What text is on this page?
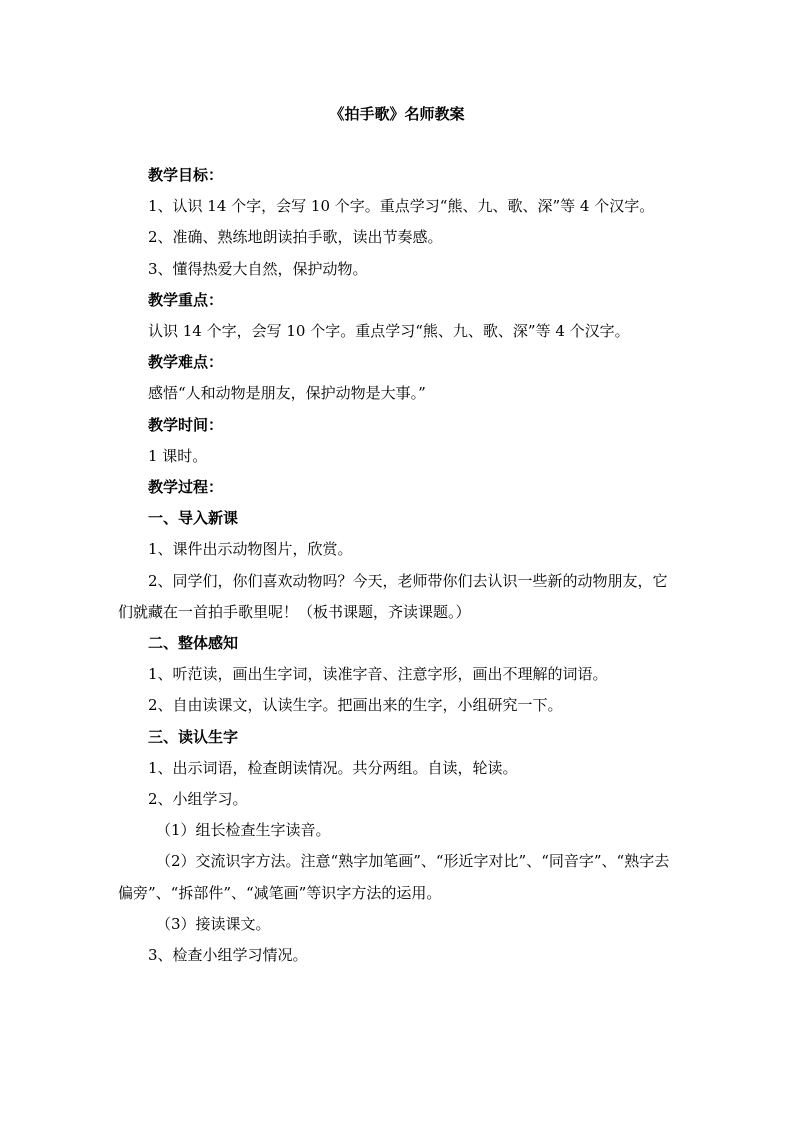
《拍手歌》名师教案

教学目标：

1、认识 14 个字，会写 10 个字。重点学习“熊、九、歌、深”等 4 个汉字。

2、准确、熟练地朗读拍手歌，读出节奏感。

3、懂得热爱大自然，保护动物。

教学重点：

认识 14 个字，会写 10 个字。重点学习“熊、九、歌、深”等 4 个汉字。

教学难点：

感悟“人和动物是朋友，保护动物是大事。”

教学时间：

1 课时。

教学过程：

一、导入新课

1、课件出示动物图片，欣赏。

2、同学们，你们喜欢动物吗？今天，老师带你们去认识一些新的动物朋友，它们就藏在一首拍手歌里呢！（板书课题，齐读课题。）

二、整体感知

1、听范读，画出生字词，读准字音、注意字形，画出不理解的词语。

2、自由读课文，认读生字。把画出来的生字，小组研究一下。

三、读认生字

1、出示词语，检查朗读情况。共分两组。自读，轮读。

2、小组学习。

（1）组长检查生字读音。

（2）交流识字方法。注意“熟字加笔画”、“形近字对比”、“同音字”、“熟字去偏旁”、“拆部件”、“减笔画”等识字方法的运用。

（3）接读课文。

3、检查小组学习情况。
